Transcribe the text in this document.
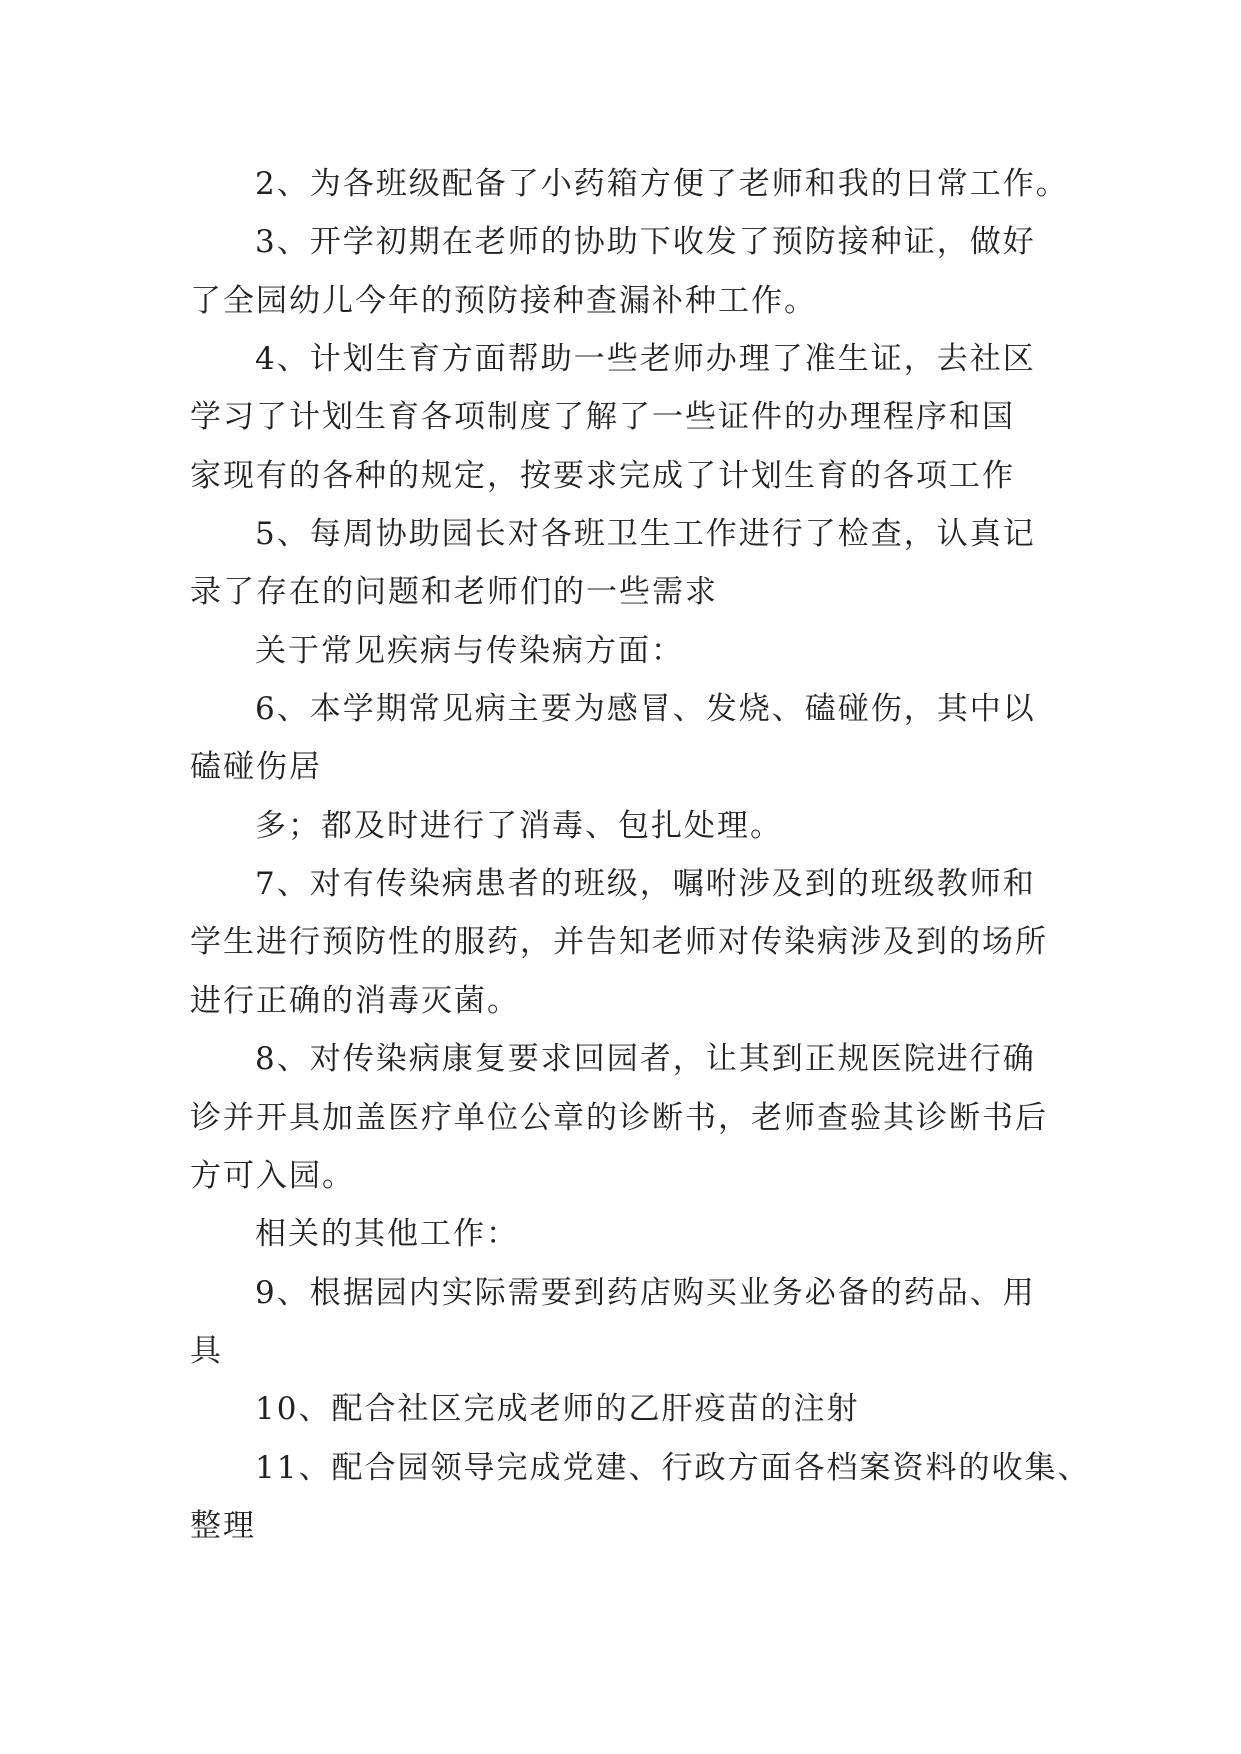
2、为各班级配备了小药箱方便了老师和我的日常工作。
3、开学初期在老师的协助下收发了预防接种证，做好
了全园幼儿今年的预防接种查漏补种工作。
4、计划生育方面帮助一些老师办理了准生证，去社区
学习了计划生育各项制度了解了一些证件的办理程序和国
家现有的各种的规定，按要求完成了计划生育的各项工作
5、每周协助园长对各班卫生工作进行了检查，认真记
录了存在的问题和老师们的一些需求
关于常见疾病与传染病方面：
6、本学期常见病主要为感冒、发烧、磕碰伤，其中以
磕碰伤居
多；都及时进行了消毒、包扎处理。
7、对有传染病患者的班级，嘱咐涉及到的班级教师和
学生进行预防性的服药，并告知老师对传染病涉及到的场所
进行正确的消毒灭菌。
8、对传染病康复要求回园者，让其到正规医院进行确
诊并开具加盖医疗单位公章的诊断书，老师查验其诊断书后
方可入园。
相关的其他工作：
9、根据园内实际需要到药店购买业务必备的药品、用
具
10、配合社区完成老师的乙肝疫苗的注射
11、配合园领导完成党建、行政方面各档案资料的收集、
整理
